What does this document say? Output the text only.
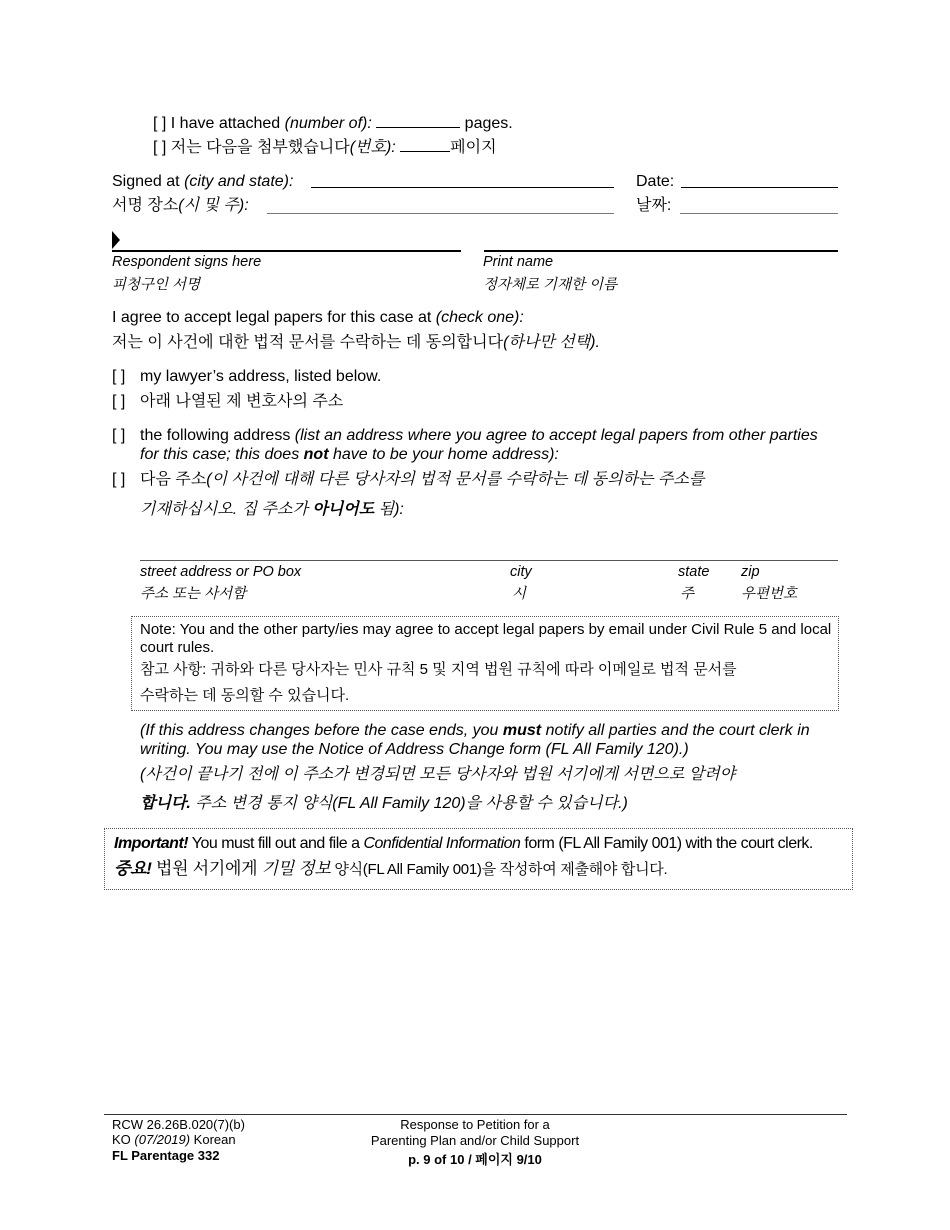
[ ] I have attached (number of):	pages.
[ ] 저는 다음을 첨부했습니다(번호):	페이지
Signed at (city and state):	Date:
서명 장소(시 및 주):	날짜:
Respondent signs here	Print name
피청구인 서명	정자체로 기재한 이름
I agree to accept legal papers for this case at (check one):
저는 이 사건에 대한 법적 문서를 수락하는 데 동의합니다(하나만 선택).
[ ] my lawyer’s address, listed below.
[ ] 아래 나열된 제 변호사의 주소
[ ] the following address (list an address where you agree to accept legal papers from other parties for this case; this does not have to be your home address):
[ ] 다음 주소(이 사건에 대해 다른 당사자의 법적 문서를 수락하는 데 동의하는 주소를
기재하십시오. 집 주소가 아니어도 됨):
street address or PO box	city	state zip
주소 또는 사서함	시	주	우편번호
Note: You and the other party/ies may agree to accept legal papers by email under Civil Rule 5 and local court rules.
참고 사항: 귀하와 다른 당사자는 민사 규칙 5 및 지역 법원 규칙에 따라 이메일로 법적 문서를
수락하는 데 동의할 수 있습니다.
(If this address changes before the case ends, you must notify all parties and the court clerk in writing. You may use the Notice of Address Change form (FL All Family 120).)
(사건이 끝나기 전에 이 주소가 변경되면 모든 당사자와 법원 서기에게 서면으로 알려야
합니다. 주소 변경 통지 양식(FL All Family 120)을 사용할 수 있습니다.)
Important! You must fill out and file a Confidential Information form (FL All Family 001) with the court clerk.
중요! 법원 서기에게 기밀 정보 양식(FL All Family 001)을 작성하여 제출해야 합니다.
RCW 26.26B.020(7)(b)
KO (07/2019) Korean
FL Parentage 332
Response to Petition for a
Parenting Plan and/or Child Support
p. 9 of 10 / 페이지 9/10
